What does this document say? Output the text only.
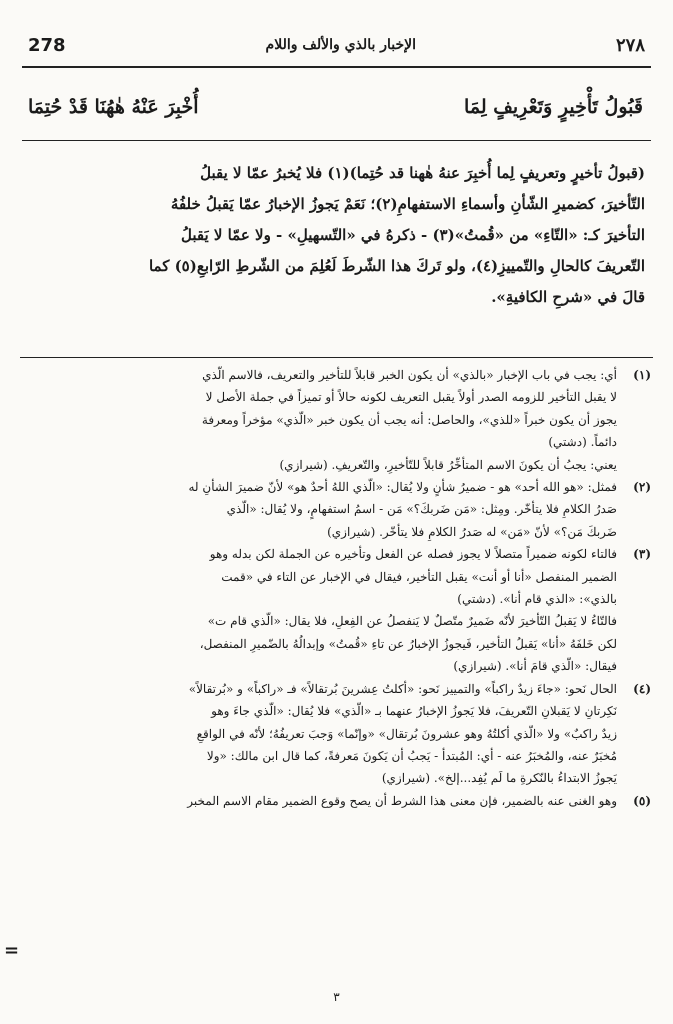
278	الإخبار بالذي والألف واللام	٢٧٨
قَبُولُ تَأْخِيرٍ وَتَعْرِيفٍ لِمَا
أُخْبِرَ عَنْهُ هٰهُنَا قَدْ حُتِمَا
(قبولُ تأخيرٍ وتعريفٍ لِما أُخبِرَ عنهُ هٰهنا قد حُتِما)(١) فلا يُخبرُ عمّا لا يقبلُ
التّأخيرَ، كضميرِ الشّأنِ وأسماءِ الاستفهامِ(٢)؛ نَعَمْ يَجوزُ الإخبارُ عمّا يَقبلُ خلفُهُ
التأخيرَ كـ: «التّاءِ» من «قُمتُ»(٣) - ذكرهُ في «التّسهيلِ» - ولا عمّا لا يَقبلُ
التّعريفَ كالحالِ والتّمييزِ(٤)، ولو تَركَ هذا الشّرطَ لَعُلِمَ من الشّرطِ الرّابعِ(٥) كما
قالَ في «شرحِ الكافيةِ».
(١)
أي: يجب في باب الإخبار «بالذي» أن يكون الخبر قابلاً للتأخير والتعريف، فالاسم الّذي
لا يقبل التأخير للزومه الصدر أولاً يقبل التعريف لكونه حالاً أو تميزاً في جملة الأصل لا
يجوز أن يكون خبراً «للذي»، والحاصل: أنه يجب أن يكون خبر «الّذي» مؤخراً ومعرفة
دائماً. (دشتي)
يعني: يجبُ أن يكونَ الاسم المتأخِّرُ قابلاً للتّأخيرِ، والتّعريفِ. (شيرازي)
(٢)
فمثل: «هو الله أحد» هو - ضميرُ شأنٍ ولا يُقال: «الّذي اللهُ أحدٌ هو» لأنّ ضميرَ الشأنِ له
صَدرُ الكلامِ فلا يتأخّر. ومِثل: «مَن ضَربكَ؟» مَن - اسمُ استفهامٍ، ولا يُقال: «الّذي
ضَربكَ مَن؟» لأنّ «مَن» له صَدرُ الكلامِ فلا يتأخّر. (شيرازي)
(٣)
فالتاء لكونه ضميراً متصلاً لا يجوز فصله عن الفعل وتأخيره عن الجملة لكن بدله وهو
الضمير المنفصل «أنا أو أنت» يقبل التأخير، فيقال في الإخبار عن التاء في «قمت
بالذي»: «الذي قام أنا». (دشتي)
فالتّاءُ لا يَقبلُ التّأخيرَ لأنّه ضَميرٌ متّصلٌ لا يَنفصلُ عن الفِعلِ، فلا يقال: «الّذي قام ت»
لكن خَلفَهُ «أنا» يَقبلُ التأخير، فَيجوزُ الإخبارُ عن تاءِ «قُمتُ» وإبدالُهُ بالضّميرِ المنفصل،
فيقال: «الّذي قامَ أنا». (شيرازي)
(٤)
الحال نَحو: «جاءَ زيدٌ راكباً» والتمييز نَحو: «أكلتُ عِشرينَ بُرتقالاً» فـ «راكباً» و «بُرتقالاً»
نَكِرتانِ لا يَقبلانِ التّعريفَ، فلا يَجوزُ الإخبارُ عنهما بـ «الّذي» فلا يُقال: «الّذي جاءَ وهو
زيدٌ راكبٌ» ولا «الّذي أكلتُهُ وهو عشرونَ بُرتقال» «وإنّما» وَجبَ تعريفُهُ؛ لأنّه في الواقعِ
مُخبَرٌ عنه، والمُخبَرُ عنه - أي: المُبتدأ - يَجبُ أن يَكونَ مَعرفةً، كما قال ابن مالك: «ولا
يَجوزُ الابتداءُ بالنّكرةِ ما لَم يُفِد...إلخ». (شيرازي)
(٥)
وهو الغنى عنه بالضمير، فإن معنى هذا الشرط أن يصح وقوع الضمير مقام الاسم المخبر
=
٣
